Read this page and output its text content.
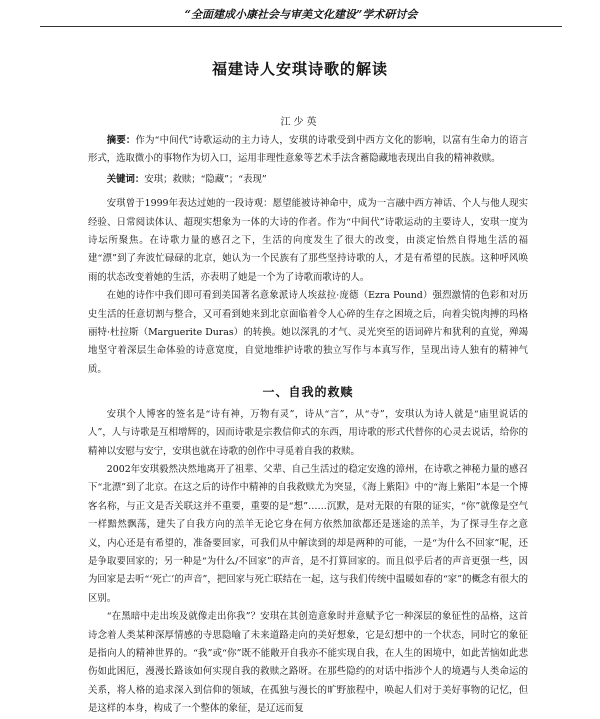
“全面建成小康社会与审美文化建设”学术研讨会
福建诗人安琪诗歌的解读
江少英

摘要：作为“中间代”诗歌运动的主力诗人，安琪的诗歌受到中西方文化的影响，以富有生命力的语言形式，选取微小的事物作为切入口，运用非理性意象等艺术手法含蓄隐藏地表现出自我的精神救赎。

关键词：安琪；救赎；“隐藏”；“表现”

安琪曾于1999年表达过她的一段诗观：愿望能被诗神命中，成为一言融中西方神话、个人与他人现实经验、日常阅读体认、超现实想象为一体的大诗的作者。作为“中间代”诗歌运动的主要诗人，安琪一度为诗坛所聚焦。在诗歌力量的感召之下，生活的向度发生了很大的改变，由淡定怡然自得地生活的福建“漂”到了奔波忙碌碌的北京，她认为一个民族有了那些坚持诗歌的人，才是有希望的民族。这种呼风唤雨的状态改变着她的生活，亦表明了她是一个为了诗歌而歌诗的人。

在她的诗作中我们即可看到美国著名意象派诗人埃兹拉·庞德（Ezra Pound）强烈激情的色彩和对历史生活的任意切割与整合，又可看到她来到北京面临着令人心碎的生存之困境之后，向着尖锐肉搏的玛格丽特·杜拉斯（Marguerite Duras）的转换。她以深乳的才气、灵光突至的语词碎片和犹利的直觉，殚竭地坚守着深层生命体验的诗意宽度，自觉地维护诗歌的独立写作与本真写作，呈现出诗人独有的精神气质。

一、自我的救赎

安琪个人博客的签名是“诗有神，万物有灵”，诗从“言”，从“寺”，安琪认为诗人就是“庙里说话的人”，人与诗歌是互相增辉的，因而诗歌是宗教信仰式的东西，用诗歌的形式代替你的心灵去说话，给你的精神以安慰与安宁，安琪也就在诗歌的创作中寻觅着自我的救赎。

2002年安琪毅然决然地离开了祖辈、父辈、自己生活过的稳定安逸的漳州，在诗歌之神秘力量的感召下“北漂”到了北京。在这之后的诗作中精神的自我救赎尤为突显，《海上紫阳》中的“海上紫阳”本是一个博客名称，与正文是否关联这并不重要，重要的是“想”……沉默，是对无限的有限的证实，“你”就像是空气一样黯然飘荡，建失了自我方向的羔羊无论它身在何方依然加欲都还是迷途的羔羊，为了探寻生存之意义，内心还是有希望的，准备要回家，可我们从中解读到的却是两种的可能，一是“为什么不回家”呢，还是争取要回家的；另一种是“为什么/不回家”的声音，是不打算回家的。而且似乎后者的声音更强一些，因为回家是去听“‘死亡’的声音”，把回家与死亡联结在一起，这与我们传统中温暖如春的“家”的概念有很大的区别。

“在黑暗中走出埃及就像走出你我”？安琪在其创造意象时并意赋予它一种深层的象征性的品格，这首诗念着人类某种深厚情感的寺思隐喻了未来道路走向的美好想象，它是幻想中的一个状态，同时它的象征是指向人的精神世界的。“我”或“你”既不能敞开自我亦不能实现自我，在人生的困境中，如此苦恼如此悲伤如此困厄，漫漫长路该如何实现自我的救赎之路呀。在那些隐约的对话中指涉个人的境遇与人类命运的关系，将人格的追求深入到信仰的领域，在孤独与漫长的旷野旅程中，唤起人们对于美好事物的记忆，但是这样的本身，构成了一个整体的象征，是辽远而复
